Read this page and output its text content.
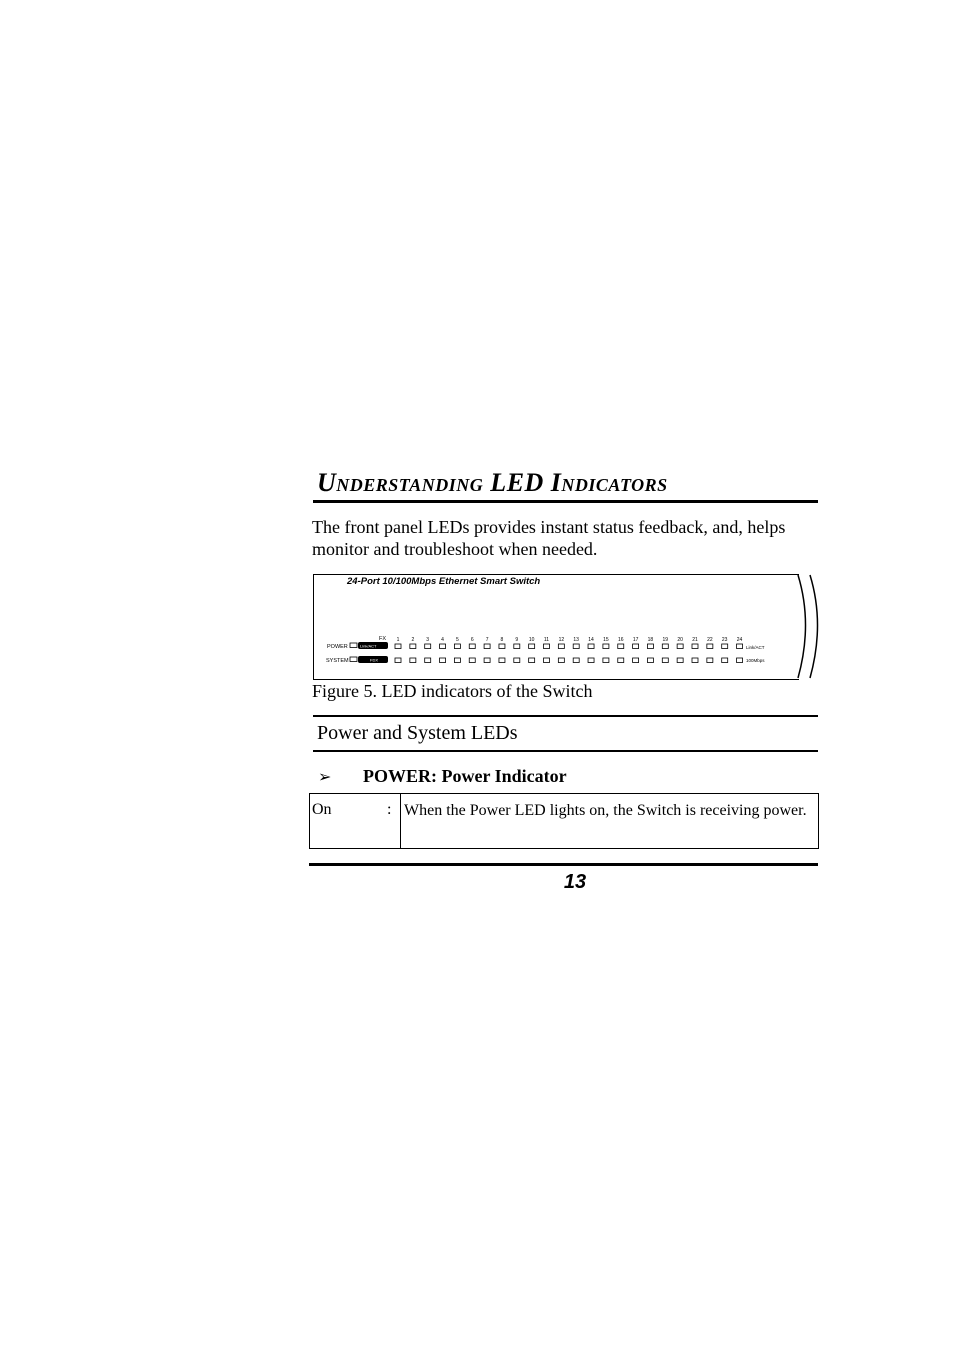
Understanding LED Indicators
The front panel LEDs provides instant status feedback, and, helps monitor and troubleshoot when needed.
24-Port 10/100Mbps Ethernet Smart Switch
POWER
SYSTEM
FX
Link/ACT
FDX
1 2 3 4 5 6 7 8 9 10 11 12 13 14 15 16 17 18 19 20 21 22 23 24
Link/ACT
100Mbps
Figure 5. LED indicators of the Switch
Power and System LEDs
➢ POWER: Power Indicator
On	: When the Power LED lights on, the Switch is receiving power.
13
